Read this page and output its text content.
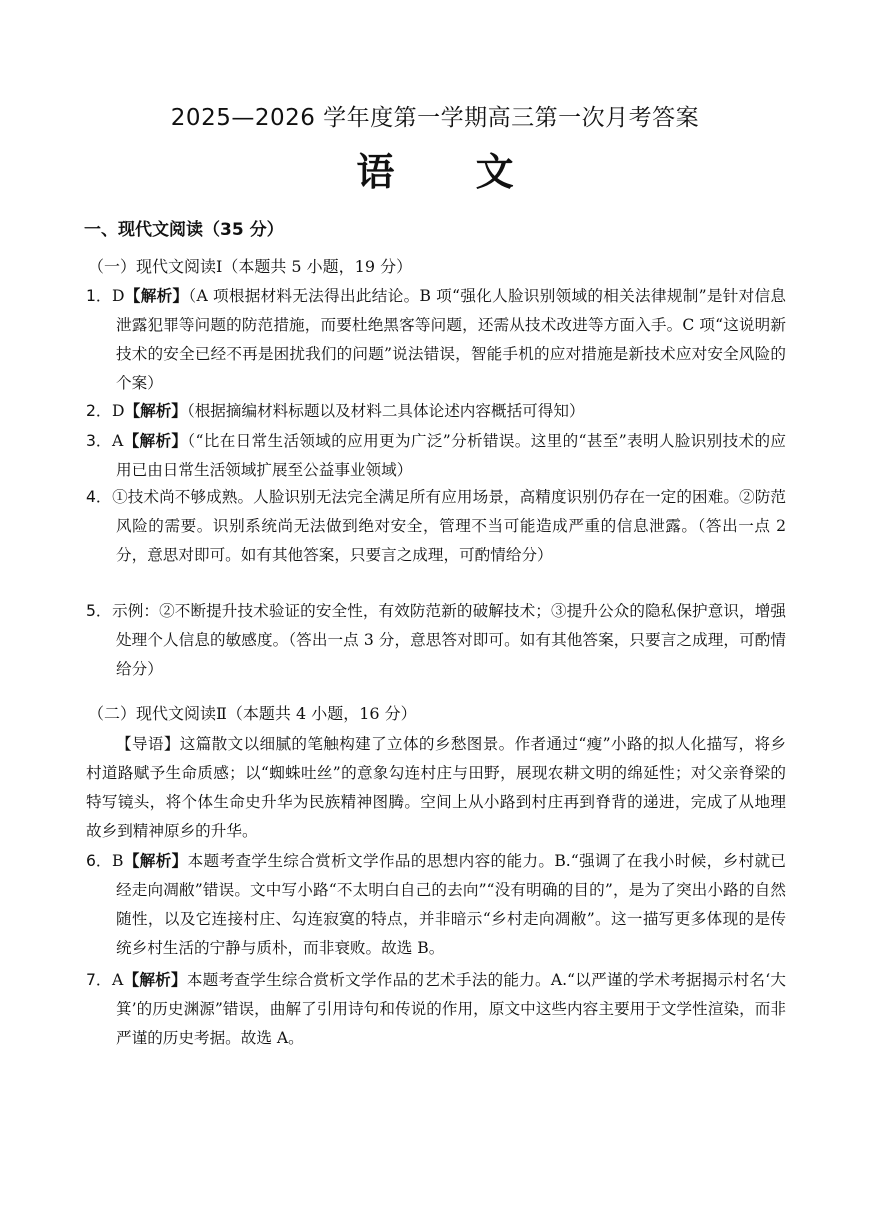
2025—2026 学年度第一学期高三第一次月考答案
语 文
一、现代文阅读（35 分）
（一）现代文阅读Ⅰ（本题共 5 小题，19 分）
1．D【解析】（A 项根据材料无法得出此结论。B 项“强化人脸识别领域的相关法律规制”是针对信息泄露犯罪等问题的防范措施，而要杜绝黑客等问题，还需从技术改进等方面入手。C 项“这说明新技术的安全已经不再是困扰我们的问题”说法错误，智能手机的应对措施是新技术应对安全风险的个案）
2．D【解析】（根据摘编材料标题以及材料二具体论述内容概括可得知）
3．A【解析】（“比在日常生活领域的应用更为广泛”分析错误。这里的“甚至”表明人脸识别技术的应用已由日常生活领域扩展至公益事业领域）
4．①技术尚不够成熟。人脸识别无法完全满足所有应用场景，高精度识别仍存在一定的困难。②防范风险的需要。识别系统尚无法做到绝对安全，管理不当可能造成严重的信息泄露。（答出一点 2 分，意思对即可。如有其他答案，只要言之成理，可酌情给分）
5．示例：②不断提升技术验证的安全性，有效防范新的破解技术；③提升公众的隐私保护意识，增强处理个人信息的敏感度。（答出一点 3 分，意思答对即可。如有其他答案，只要言之成理，可酌情给分）
（二）现代文阅读Ⅱ（本题共 4 小题，16 分）
【导语】这篇散文以细腻的笔触构建了立体的乡愁图景。作者通过“瘦”小路的拟人化描写，将乡村道路赋予生命质感；以“蜘蛛吐丝”的意象勾连村庄与田野，展现农耕文明的绵延性；对父亲脊梁的特写镜头，将个体生命史升华为民族精神图腾。空间上从小路到村庄再到脊背的递进，完成了从地理故乡到精神原乡的升华。
6．B【解析】本题考查学生综合赏析文学作品的思想内容的能力。B.“强调了在我小时候，乡村就已经走向凋敝”错误。文中写小路“不太明白自己的去向”“没有明确的目的”，是为了突出小路的自然随性，以及它连接村庄、勾连寂寞的特点，并非暗示“乡村走向凋敝”。这一描写更多体现的是传统乡村生活的宁静与质朴，而非衰败。故选 B。
7．A【解析】本题考查学生综合赏析文学作品的艺术手法的能力。A.“以严谨的学术考据揭示村名‘大箕’的历史渊源”错误，曲解了引用诗句和传说的作用，原文中这些内容主要用于文学性渲染，而非严谨的历史考据。故选 A。
